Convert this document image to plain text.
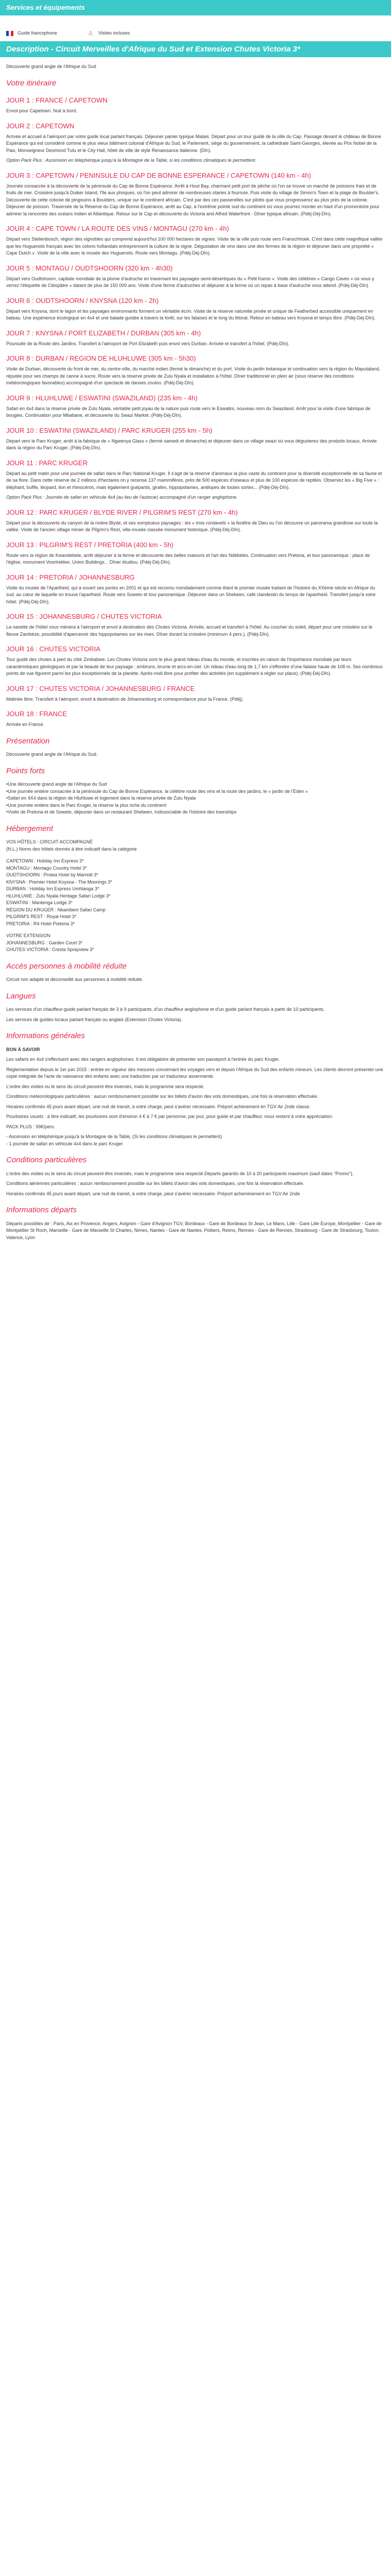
Services et équipements
Guide francophone	♙ Visites incluses
Description - Circuit Merveilles d'Afrique du Sud et Extension Chutes Victoria 3*

Découverte grand angle de l'Afrique du Sud

Votre itinéraire
JOUR 1 : FRANCE / CAPETOWN

Envol pour Capetown. Nuit à bord.

JOUR 2 : CAPETOWN

Arrivée et accueil à l'aéroport par votre guide local parlant français. Déjeuner panier typique Malais. Départ pour un tour guidé de la ville du Cap. Passage devant le château de Bonne Espérance qui est considéré comme le plus vieux bâtiment colonial d'Afrique du Sud, le Parlement, siège du gouvernement, la cathédrale Saint-Georges, élevée au Prix Nobel de la Paix, Monseigneur Desmond Tutu et le City Hall, hôtel de ville de style Renaissance italienne. (Dîn).

Option Pack Plus : Ascension en téléphérique jusqu'à la Montagne de la Table, si les conditions climatiques le permettent.

JOUR 3 : CAPETOWN / PENINSULE DU CAP DE BONNE ESPERANCE / CAPETOWN (140 km - 4h)

Journée consacrée à la découverte de la péninsule du Cap de Bonne Espérance. Arrêt à Hout Bay, charmant petit port de pêche où l'on se trouve un marché de poissons frais et de fruits de mer. Croisière jusqu'à Duiker Island, l'île aux phoques, où l'on peut admirer de nombreuses otaries à fourrure. Puis visite du village de Simon's Town et la plage de Boulder's. Découverte de cette colonie de pingouins à Boulders, unique sur le continent africain. C'est par des ces passerelles sur pilotis que vous progresserez au plus près de la colonie. Déjeuner de poisson. Traversée de la Réserve du Cap de Bonne Espérance, arrêt au Cap, à l'extrême pointe sud du continent où vous pourrez monter en haut d'un promontoire pour admirer la rencontre des océans Indien et Atlantique. Retour sur le Cap et découverte du Victoria and Alfred Waterfront - Dîner typique africain. (Pdéj-Déj-Dîn).

JOUR 4 : CAPE TOWN / LA ROUTE DES VINS / MONTAGU (270 km - 4h)

Départ vers Stellenbosch, région des vignobles qui comprend aujourd'hui 100 000 hectares de vignes. Visite de la ville puis route vers Franschhoek. C'est dans cette magnifique vallée que les Huguenots français avec les colons hollandais entreprennent la culture de la vigne. Dégustation de vins dans une des fermes de la région et déjeuner dans une propriété « Cape Dutch ». Visite de la ville avec le musée des Huguenots. Route vers Montagu. (Pdéj-Déj-Dîn).

JOUR 5 : MONTAGU / OUDTSHOORN (320 km - 4h30)

Départ vers Oudtshoorn, capitale mondiale de la plume d'autruche en traversant les paysages semi-désertiques du « Petit Karoo ». Visite des célèbres « Cango Caves » où vous y verrez l'étiquette de Cléopâtre » datant de plus de 150 000 ans. Visite d'une ferme d'autruches et déjeuner à la ferme où un repas à base d'autruche vous attend. (Pdéj-Déj-Dîn).

JOUR 6 : OUDTSHOORN / KNYSNA (120 km - 2h)

Départ vers Knysna, dont le lagon et les paysages environnants forment un véritable écrin. Visite de la réserve naturelle privée et unique de Featherbed accessible uniquement en bateau. Une expérience écologique en 4x4 et une balade guidée à travers la forêt, sur les falaises et le long du littoral. Retour en bateau vers Knysna et temps libre. (Pdéj-Déj-Dîn).

JOUR 7 : KNYSNA / PORT ELIZABETH / DURBAN (305 km - 4h)

Poursuite de la Route des Jardins. Transfert à l'aéroport de Port Elizabeth puis envol vers Durban. Arrivée et transfert à l'hôtel. (Pdéj-Dîn).

JOUR 8 : DURBAN / REGION DE HLUHLUWE (305 km - 5h30)

Visite de Durban, découverte du front de mer, du centre-ville, du marché indien (fermé le dimanche) et du port. Visite du jardin botanique et continuation vers la région du Maputaland, réputée pour ses champs de canne à sucre. Route vers la réserve privée de Zulu Nyala et installation à l'hôtel. Dîner traditionnel en plein air (sous réserve des conditions météorologiques favorables) accompagné d'un spectacle de danses zoulou. (Pdéj-Déj-Dîn).

JOUR 9 : HLUHLUWE / ESWATINI (SWAZILAND) (235 km - 4h)

Safari en 4x4 dans la réserve privée de Zulu Nyala, véritable petit joyau de la nature puis route vers le Eswatini, nouveau nom du Swaziland. Arrêt pour la visite d'une fabrique de bougies. Continuation pour Mbabane, et découverte du Swazi Market. (Pdéj-Déj-Dîn).

JOUR 10 : ESWATINI (SWAZILAND) / PARC KRUGER (255 km - 5h)

Départ vers le Parc Kruger, arrêt à la fabrique de « Ngwenya Glass » (fermé samedi et dimanche) et déjeuner dans un village swazi où vous dégusterez des produits locaux. Arrivée dans la région du Parc Kruger. (Pdéj-Déj-Dîn).

JOUR 11 : PARC KRUGER

Départ au petit matin pour une journée de safari dans le Parc National Kruger. Il s'agit de la réserve d'animaux la plus vaste du continent pour la diversité exceptionnelle de sa faune et de sa flore. Dans cette réserve de 2 millions d'hectares on y recense 137 mammifères, près de 500 espèces d'oiseaux et plus de 100 espèces de reptiles. Observez les « Big Five » : éléphant, buffle, léopard, lion et rhinocéros, mais également guépards, girafes, hippopotames, antilopes de toutes sortes... (Pdéj-Déj-Dîn).

Option Pack Plus : Journée de safari en véhicule 4x4 (au lieu de l'autocar) accompagné d'un ranger anglophone.

JOUR 12 : PARC KRUGER / BLYDE RIVER / PILGRIM'S REST (270 km - 4h)

Départ pour la découverte du canyon de la rivière Blyde, et ses somptueux paysages : les « trois rondavels » la fenêtre de Dieu ou l'on découvre un panorama grandiose sur toute la vallée. Visite de l'ancien village minier de Pilgrim's Rest, ville-musée classée monument historique. (Pdéj-Déj-Dîn).

JOUR 13 : PILGRIM'S REST / PRETORIA (400 km - 5h)

Route vers la région de Kwandebele, arrêt déjeuner à la ferme et découverte des belles maisons et l'art des Ndébélés. Continuation vers Pretoria, et tour panoramique : place de l'église, monument Voortrekker, Union Buildings... Dîner étudiou. (Pdéj-Déj-Dîn).

JOUR 14 : PRETORIA / JOHANNESBURG

Visite du musée de l'Apartheid, qui a ouvert ses portes en 2001 et qui est reconnu mondialement comme étant le premier musée traitant de l'histoire du XXème siècle en Afrique du sud, au cœur de laquelle on trouve l'apartheid. Route vers Soweto et tour panoramique. Déjeuner dans un Shebeen, café clandestin du temps de l'apartheid. Transfert jusqu'à votre hôtel. (Pdéj-Déj-Dîn).

JOUR 15 : JOHANNESBURG / CHUTES VICTORIA

La navette de l'hôtel vous mènera à l'aéroport et envol à destination des Chutes Victoria. Arrivée, accueil et transfert à l'hôtel. Au coucher du soleil, départ pour une croisière sur le fleuve Zambèze, possibilité d'apercevoir des hippopotames sur les rives. Dîner durant la croisière (minimum 4 pers.). (Pdéj-Dîn).

JOUR 16 : CHUTES VICTORIA

Tour guidé des chutes à pied du côté Zimbabwe. Les Chutes Victoria sont le plus grand rideau d'eau du monde, et inscrites en raison de l'importance mondiale par leurs caractéristiques géologiques et par la beauté de leur paysage : embruns, brume et arcs-en-ciel. Un rideau d'eau long de 1,7 km s'effondre d'une falaise haute de 108 m. Ses nombreux points de vue figurent parmi les plus exceptionnels de la planète. Après-midi libre pour profiter des activités (en supplément à régler sur place). (Pdéj-Déj-Dîn).

JOUR 17 : CHUTES VICTORIA / JOHANNESBURG / FRANCE

Matinée libre. Transfert à l'aéroport, envol à destination de Johannesburg et correspondance pour la France. (Pdéj).

JOUR 18 : FRANCE

Arrivée en France.

Présentation

Découverte grand angle de l'Afrique du Sud.

Points forts
• Une découverte grand angle de l'Afrique du Sud
• Une journée entière consacrée à la péninsule du Cap de Bonne Espérance, la célèbre route des vins et la route des jardins, le « jardin de l'Eden »
• Safari en 4X4 dans la région de Hluhluwe et logement dans la réserve privée de Zulu Nyala
• Une journée entière dans le Parc Kruger, la réserve la plus riche du continent
• Visite de Pretoria et de Soweto, déjeuner dans un restaurant Shebeen, indissociable de l'histoire des townships
Hébergement

VOS HÔTELS : CIRCUIT ACCOMPAGNÉ

(N.L.) Noms des hôtels donnés à titre indicatif dans la catégorie

CAPETOWN : Holiday Inn Express 3*

MONTAGU : Montagu Country Hotel 3*

OUDTSHOORN : Protea Hotel by Marriott 3*

KNYSNA : Premier Hotel Knysna - The Moorings 3*

DURBAN : Holiday Inn Express Umhlanga 3*

HLUHLUWE : Zulu Nyala Heritage Safari Lodge 3*

ESWATINI : Mantenga Lodge 3*

RÉGION DU KRUGER : Nkambeni Safari Camp

PILGRIM'S REST : Royal Hotel 3*

PRETORIA : R4 Hotel Pretoria 3*

VOTRE EXTENSION

JOHANNESBURG : Garden Court 3*

CHUTES VICTORIA : Cresta Sprayview 3*

Accès personnes à mobilité réduite

Circuit non adapté et déconseillé aux personnes à mobilité réduite.

Langues

Les services d'un chauffeur-guide parlant français de 3 à 9 participants, d'un chauffeur anglophone et d'un guide parlant français à partir de 10 participants.

Les services de guides locaux parlant français ou anglais (Extension Chutes Victoria).

Informations générales

BON À SAVOIR

Les safaris en 4x4 s'effectuent avec des rangers anglophones. Il est obligatoire de présenter son passeport à l'entrée du parc Kruger.

Réglementation depuis le 1er juin 2015 : entrée en vigueur des mesures concernant les voyages vers et depuis l'Afrique du Sud des enfants mineurs. Les clients devront présenter une copie intégrale de l'acte de naissance des enfants avec une traduction par un traducteur assermenté.

L'ordre des visites ou le sens du circuit peuvent être inversés, mais le programme sera respecté.

Conditions météorologiques particulières : aucun remboursement possible sur les billets d'avion des vols domestiques, une fois la réservation effectuée.

Horaires confirmés 45 jours avant départ, une nuit de transit, à votre charge, peut s'avérer nécessaire. Préport achèvement en TGV Air 2nde classe.

Pourboires usuels : à titre indicatif, les pourboires sont d'environ 4 € à 7 € par personne, par jour, pour guide et par chauffeur, nous restent à votre appréciation.

PACK PLUS : 99€/pers.

- Ascension en téléphérique jusqu'à la Montagne de la Table, (Si les conditions climatiques le permettent)

- 1 journée de safari en véhicule 4x4 dans le parc Kruger

Conditions particulières

L'ordre des visites ou le sens du circuit peuvent être inversés, mais le programme sera respecté.Départs garantis de 10 à 20 participants maximum (sauf dates "Promo").

Conditions aériennes particulières : aucun remboursement possible sur les billets d'avion des vols domestiques, une fois la réservation effectuée.

Horaires confirmés 45 jours avant départ, une nuit de transit, à votre charge, peut s'avérer nécessaire. Préport acheminement en TGV Air 2nde

Informations départs

Départs possibles de : Paris, Aix en Provence, Angers, Avignon - Gare d'Avignon TGV, Bordeaux - Gare de Bordeaux St Jean, Le Mans, Lille - Gare Lille Europe, Montpellier - Gare de Montpellier St Roch, Marseille - Gare de Marseille St Charles, Nimes, Nantes - Gare de Nantes, Poitiers, Reims, Rennes - Gare de Rennes, Strasbourg - Gare de Strasbourg, Toulon, Valence, Lyon
